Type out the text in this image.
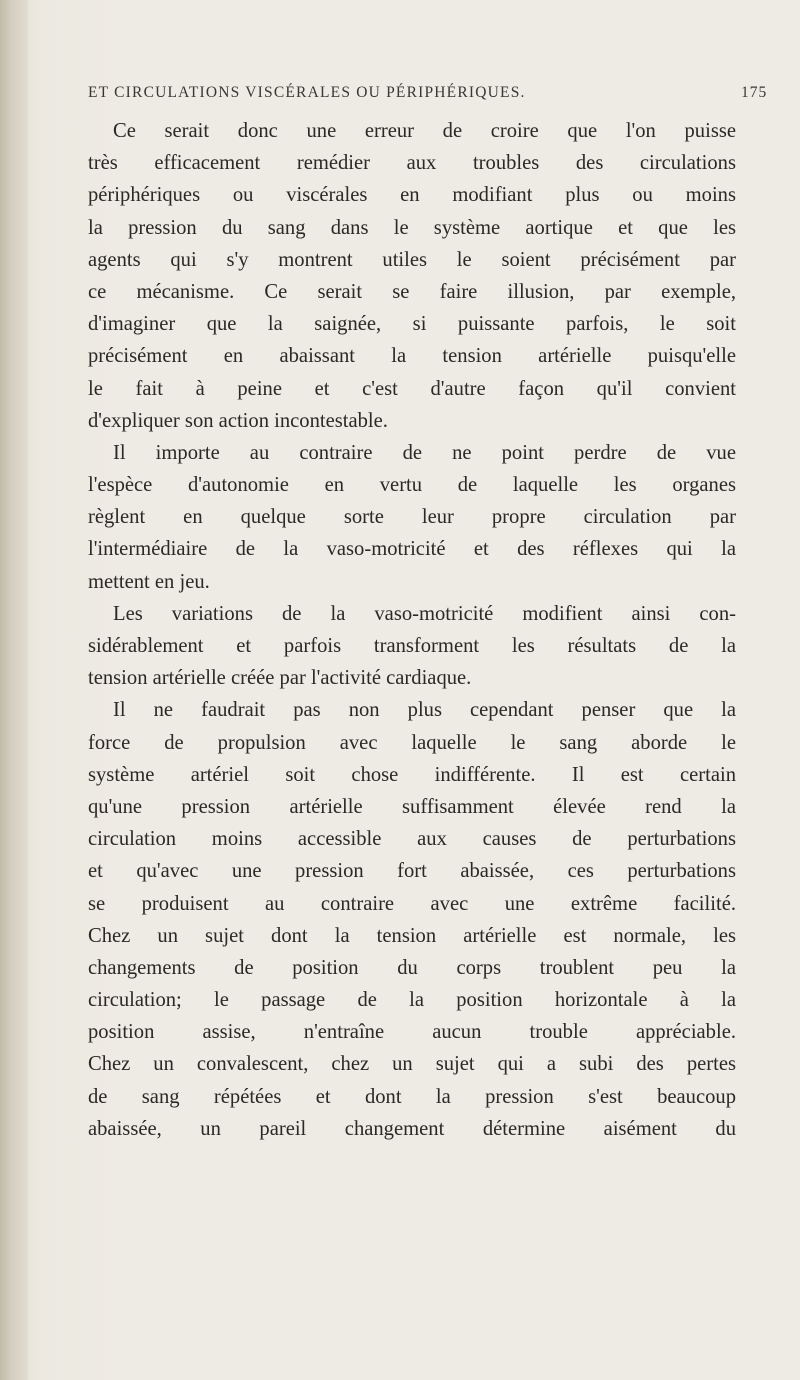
ET CIRCULATIONS VISCÉRALES OU PÉRIPHÉRIQUES.	175
Ce serait donc une erreur de croire que l'on puisse
très efficacement remédier aux troubles des circulations
périphériques ou viscérales en modifiant plus ou moins
la pression du sang dans le système aortique et que les
agents qui s'y montrent utiles le soient précisément par
ce mécanisme. Ce serait se faire illusion, par exemple,
d'imaginer que la saignée, si puissante parfois, le soit
précisément en abaissant la tension artérielle puisqu'elle
le fait à peine et c'est d'autre façon qu'il convient
d'expliquer son action incontestable.
Il importe au contraire de ne point perdre de vue
l'espèce d'autonomie en vertu de laquelle les organes
règlent en quelque sorte leur propre circulation par
l'intermédiaire de la vaso-motricité et des réflexes qui la
mettent en jeu.
Les variations de la vaso-motricité modifient ainsi con-
sidérablement et parfois transforment les résultats de la
tension artérielle créée par l'activité cardiaque.
Il ne faudrait pas non plus cependant penser que la
force de propulsion avec laquelle le sang aborde le
système artériel soit chose indifférente. Il est certain
qu'une pression artérielle suffisamment élevée rend la
circulation moins accessible aux causes de perturbations
et qu'avec une pression fort abaissée, ces perturbations
se produisent au contraire avec une extrême facilité.
Chez un sujet dont la tension artérielle est normale, les
changements de position du corps troublent peu la
circulation; le passage de la position horizontale à la
position assise, n'entraîne aucun trouble appréciable.
Chez un convalescent, chez un sujet qui a subi des pertes
de sang répétées et dont la pression s'est beaucoup
abaissée, un pareil changement détermine aisément du
